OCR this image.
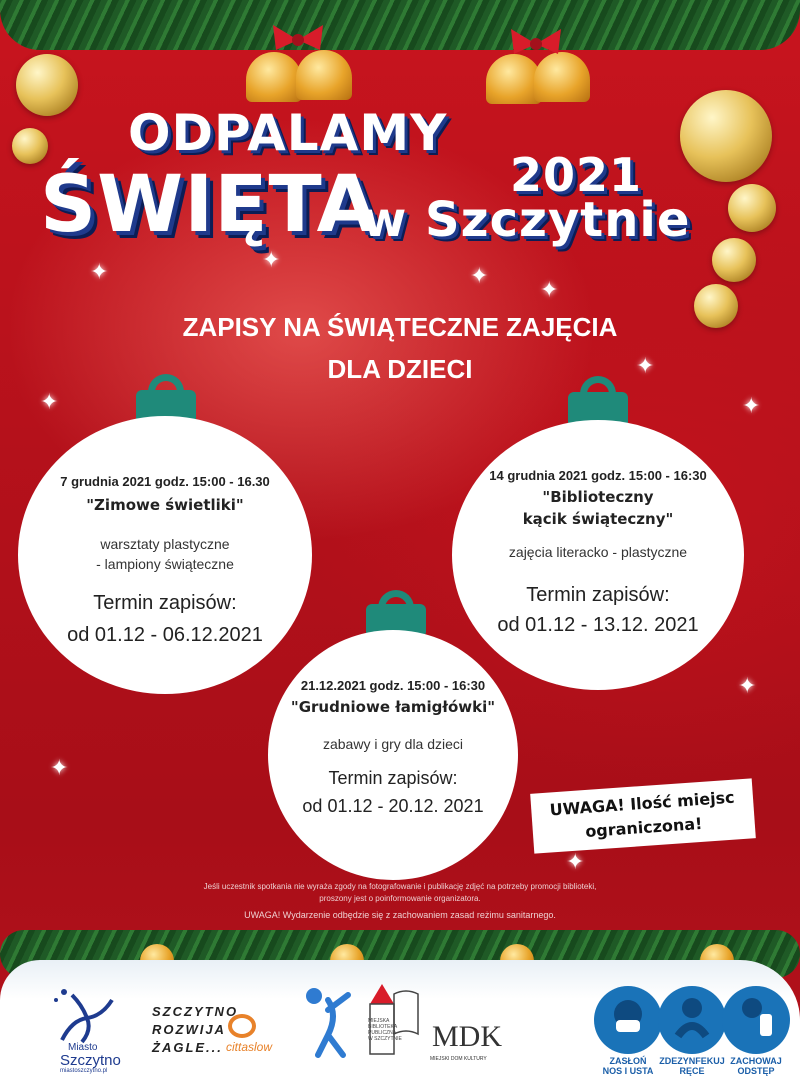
✦
✦
✦
✦
✦
✦
✦
✦
✦
✦
ODPALAMY
ŚWIĘTA	2021
w Szczytnie
ZAPISY NA ŚWIĄTECZNE ZAJĘCIA
DLA DZIECI
7 grudnia 2021 godz. 15:00 - 16.30
"Zimowe świetliki"
warsztaty plastyczne
- lampiony świąteczne
Termin zapisów:
od 01.12 - 06.12.2021
14 grudnia 2021 godz. 15:00 - 16:30
"Biblioteczny
kącik świąteczny"
zajęcia literacko - plastyczne
Termin zapisów:
od 01.12 - 13.12. 2021
21.12.2021 godz. 15:00 - 16:30
"Grudniowe łamigłówki"
zabawy i gry dla dzieci
Termin zapisów:
od 01.12 - 20.12. 2021	UWAGA! Ilość miejsc
ograniczona!
Jeśli uczestnik spotkania nie wyraża zgody na fotografowanie i publikację zdjęć na potrzeby promocji biblioteki,
proszony jest o poinformowanie organizatora.
UWAGA! Wydarzenie odbędzie się z zachowaniem zasad reżimu sanitarnego.
Miasto
Szczytno
miastoszczytno.pl
SZCZYTNO
ROZWIJA
ŻAGLE... cittaslow
MIEJSKA
BIBLIOTEKA
PUBLICZNA
W SZCZYTNIE MDK
MIEJSKI DOM KULTURY	ZASŁOŃ
NOS I USTA
ZDEZYNFEKUJ
RĘCE
ZACHOWAJ
ODSTĘP
